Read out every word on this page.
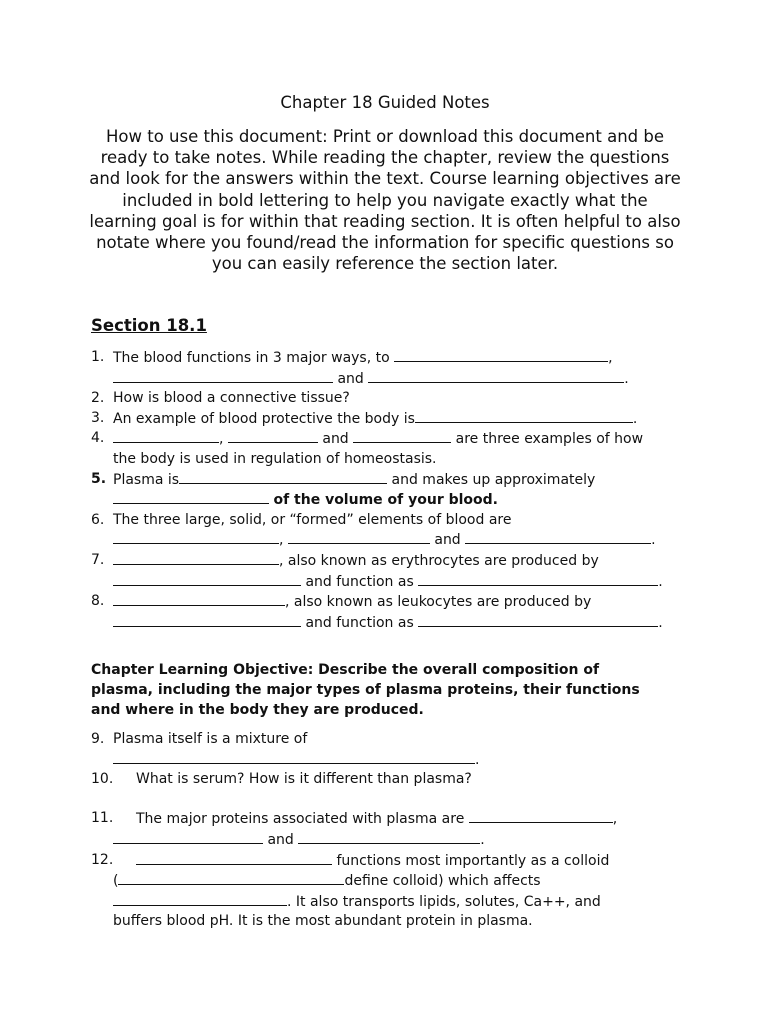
Chapter 18 Guided Notes

How to use this document: Print or download this document and be ready to take notes. While reading the chapter, review the questions and look for the answers within the text. Course learning objectives are included in bold lettering to help you navigate exactly what the learning goal is for within that reading section. It is often helpful to also notate where you found/read the information for specific questions so you can easily reference the section later.

Section 18.1

1. The blood functions in 3 major ways, to	,
and	.
2. How is blood a connective tissue?
3. An example of blood protective the body is	.
4.	,	and	are three examples of how
the body is used in regulation of homeostasis.
5. Plasma is	and makes up approximately
of the volume of your blood.
6. The three large, solid, or “formed” elements of blood are
,	and	.
7.	, also known as erythrocytes are produced by
and function as	.
8.	, also known as leukocytes are produced by
and function as	.

Chapter Learning Objective: Describe the overall composition of plasma, including the major types of plasma proteins, their functions and where in the body they are produced.

9. Plasma itself is a mixture of
.
10. What is serum? How is it different than plasma?
11. The major proteins associated with plasma are	,
and	.
12.	functions most importantly as a colloid
(	define colloid) which affects
. It also transports lipids, solutes, Ca++, and
buffers blood pH. It is the most abundant protein in plasma.
